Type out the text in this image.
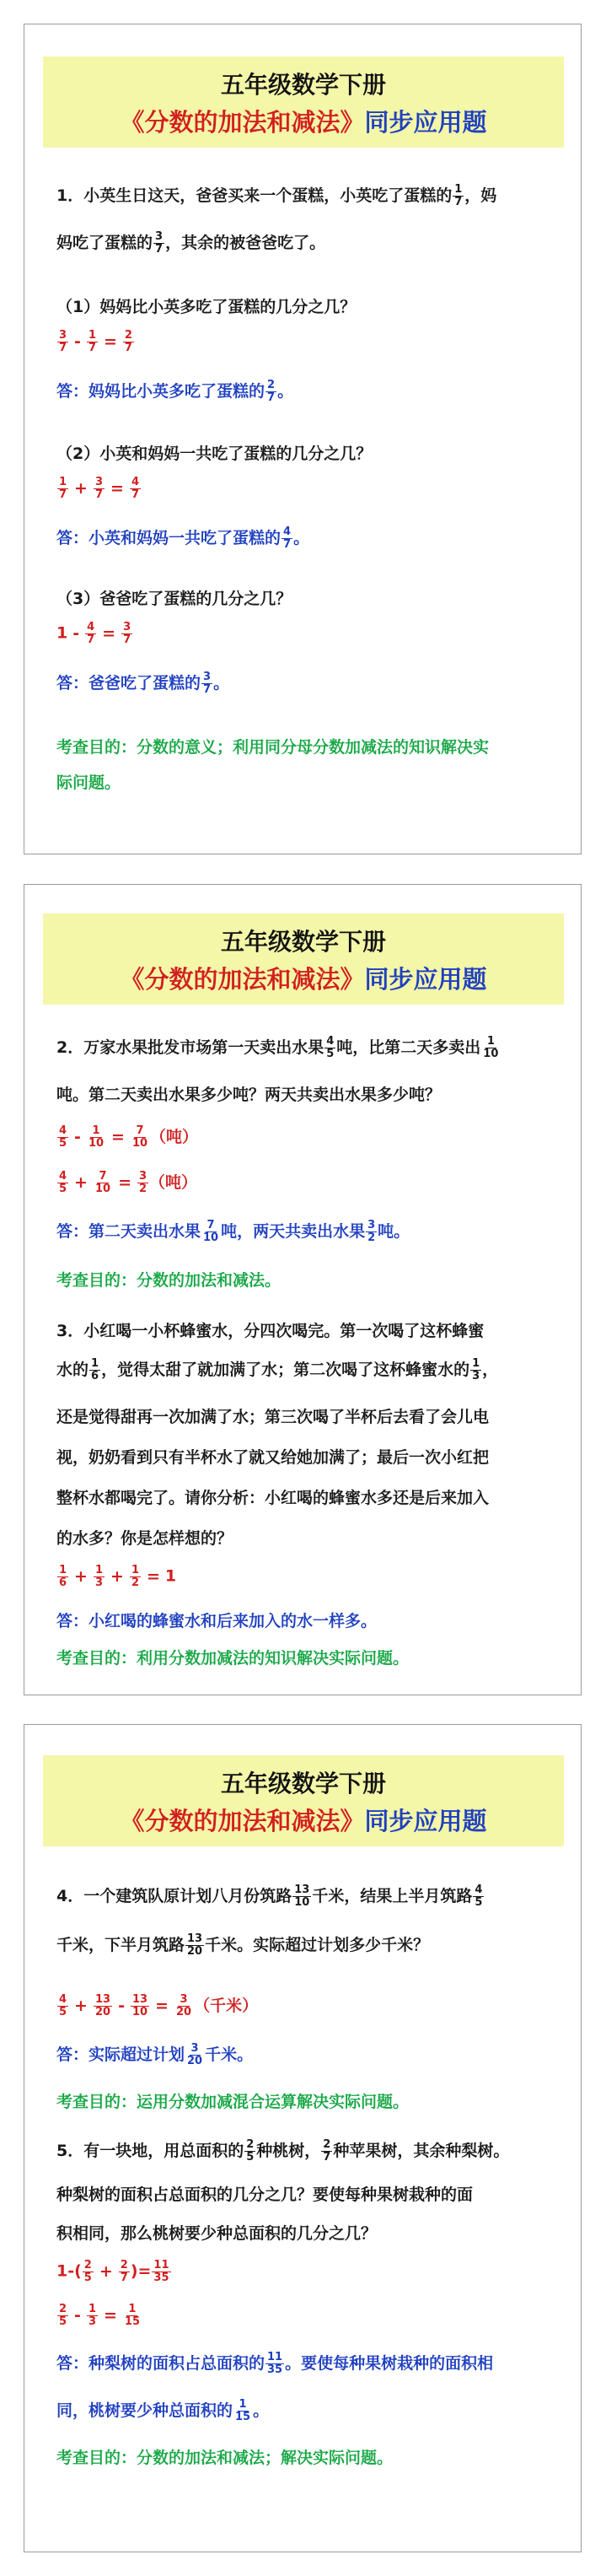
五年级数学下册
《分数的加法和减法》同步应用题
1．小英生日这天，爸爸买来一个蛋糕，小英吃了蛋糕的 $\frac{1}{7}$ ，妈
妈吃了蛋糕的 $\frac{3}{7}$ ，其余的被爸爸吃了。
（1）妈妈比小英多吃了蛋糕的几分之几？
$\frac{3}{7} - \frac{1}{7} = \frac{2}{7}$
答：妈妈比小英多吃了蛋糕的 $\frac{2}{7}$ 。
（2）小英和妈妈一共吃了蛋糕的几分之几？
$\frac{1}{7} + \frac{3}{7} = \frac{4}{7}$
答：小英和妈妈一共吃了蛋糕的 $\frac{4}{7}$ 。
（3）爸爸吃了蛋糕的几分之几？
$1 - \frac{4}{7} = \frac{3}{7}$
答：爸爸吃了蛋糕的 $\frac{3}{7}$ 。
考查目的：分数的意义；利用同分母分数加减法的知识解决实
际问题。
五年级数学下册
《分数的加法和减法》同步应用题
2．万家水果批发市场第一天卖出水果 $\frac{4}{5}$ 吨，比第二天多卖出 $\frac{1}{10}$
吨。第二天卖出水果多少吨？两天共卖出水果多少吨？
$\frac{4}{5} - \frac{1}{10} = \frac{7}{10}$ （吨）
$\frac{4}{5} + \frac{7}{10} = \frac{3}{2}$ （吨）
答：第二天卖出水果 $\frac{7}{10}$ 吨，两天共卖出水果 $\frac{3}{2}$ 吨。
考查目的：分数的加法和减法。
3．小红喝一小杯蜂蜜水，分四次喝完。第一次喝了这杯蜂蜜
水的 $\frac{1}{6}$ ，觉得太甜了就加满了水；第二次喝了这杯蜂蜜水的 $\frac{1}{3}$ ，
还是觉得甜再一次加满了水；第三次喝了半杯后去看了会儿电
视，奶奶看到只有半杯水了就又给她加满了；最后一次小红把
整杯水都喝完了。请你分析：小红喝的蜂蜜水多还是后来加入
的水多？你是怎样想的？
$\frac{1}{6} + \frac{1}{3} + \frac{1}{2} = 1$
答：小红喝的蜂蜜水和后来加入的水一样多。
考查目的：利用分数加减法的知识解决实际问题。
五年级数学下册
《分数的加法和减法》同步应用题
4．一个建筑队原计划八月份筑路 $\frac{13}{10}$ 千米，结果上半月筑路 $\frac{4}{5}$
千米，下半月筑路 $\frac{13}{20}$ 千米。实际超过计划多少千米？
$\frac{4}{5} + \frac{13}{20} - \frac{13}{10} = \frac{3}{20}$ （千米）
答：实际超过计划 $\frac{3}{20}$ 千米。
考查目的：运用分数加减混合运算解决实际问题。
5．有一块地，用总面积的 $\frac{2}{5}$ 种桃树， $\frac{2}{7}$ 种苹果树，其余种梨树。
种梨树的面积占总面积的几分之几？要使每种果树栽种的面
积相同，那么桃树要少种总面积的几分之几？
$1-( \frac{2}{5} + \frac{2}{7}$ )= $\frac{11}{35}$
$\frac{2}{5} - \frac{1}{3} = \frac{1}{15}$
答：种梨树的面积占总面积的 $\frac{11}{35}$ 。要使每种果树栽种的面积相
同，桃树要少种总面积的 $\frac{1}{15}$ 。
考查目的：分数的加法和减法；解决实际问题。
